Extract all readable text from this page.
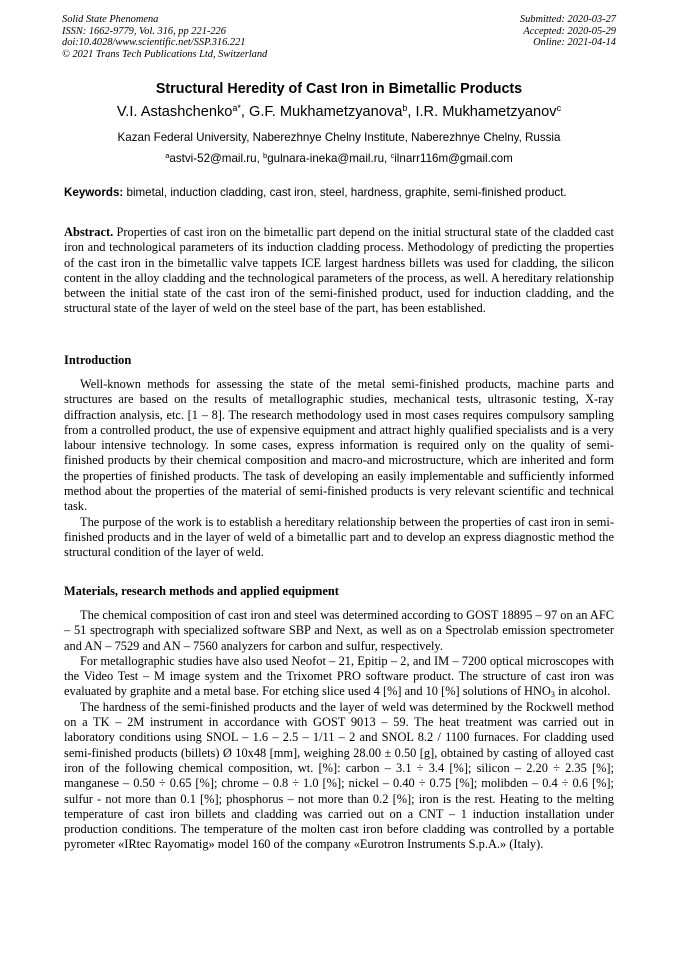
Solid State Phenomena
ISSN: 1662-9779, Vol. 316, pp 221-226
doi:10.4028/www.scientific.net/SSP.316.221
© 2021 Trans Tech Publications Ltd, Switzerland
Submitted: 2020-03-27
Accepted: 2020-05-29
Online: 2021-04-14
Structural Heredity of Cast Iron in Bimetallic Products
V.I. Astashchenko$^{a*}$, G.F. Mukhametzyanova$^b$, I.R. Mukhametzyanov$^c$
Kazan Federal University, Naberezhnye Chelny Institute, Naberezhnye Chelny, Russia
$^a$astvi-52@mail.ru, $^b$gulnara-ineka@mail.ru, $^c$ilnarr116m@gmail.com
Keywords: bimetal, induction cladding, cast iron, steel, hardness, graphite, semi-finished product.

Abstract. Properties of cast iron on the bimetallic part depend on the initial structural state of the cladded cast iron and technological parameters of its induction cladding process. Methodology of predicting the properties of the cast iron in the bimetallic valve tappets ICE largest hardness billets was used for cladding, the silicon content in the alloy cladding and the technological parameters of the process, as well. A hereditary relationship between the initial state of the cast iron of the semi-finished product, used for induction cladding, and the structural state of the layer of weld on the steel base of the part, has been established.

Introduction

Well-known methods for assessing the state of the metal semi-finished products, machine parts and structures are based on the results of metallographic studies, mechanical tests, ultrasonic testing, X-ray diffraction analysis, etc. [1 – 8]. The research methodology used in most cases requires compulsory sampling from a controlled product, the use of expensive equipment and attract highly qualified specialists and is a very labour intensive technology. In some cases, express information is required only on the quality of semi-finished products by their chemical composition and macro-and microstructure, which are inherited and form the properties of finished products. The task of developing an easily implementable and sufficiently informed method about the properties of the material of semi-finished products is very relevant scientific and technical task.

The purpose of the work is to establish a hereditary relationship between the properties of cast iron in semi-finished products and in the layer of weld of a bimetallic part and to develop an express diagnostic method the structural condition of the layer of weld.

Materials, research methods and applied equipment

The chemical composition of cast iron and steel was determined according to GOST 18895 – 97 on an AFC – 51 spectrograph with specialized software SBP and Next, as well as on a Spectrolab emission spectrometer and AN – 7529 and AN – 7560 analyzers for carbon and sulfur, respectively.

For metallographic studies have also used Neofot – 21, Epitip – 2, and IM – 7200 optical microscopes with the Video Test – M image system and the Trixomet PRO software product. The structure of cast iron was evaluated by graphite and a metal base. For etching slice used 4 [%] and 10 [%] solutions of $HNO_3$ in alcohol.

The hardness of the semi-finished products and the layer of weld was determined by the Rockwell method on a TK – 2M instrument in accordance with GOST 9013 – 59. The heat treatment was carried out in laboratory conditions using SNOL – 1.6 – 2.5 – 1/11 – 2 and SNOL 8.2 / 1100 furnaces. For cladding used semi-finished products (billets) Ø 10x48 [mm], weighing 28.00 ± 0.50 [g], obtained by casting of alloyed cast iron of the following chemical composition, wt. [%]: carbon – 3.1 ÷ 3.4 [%]; silicon – 2.20 ÷ 2.35 [%]; manganese – 0.50 ÷ 0.65 [%]; chrome – 0.8 ÷ 1.0 [%]; nickel – 0.40 ÷ 0.75 [%]; molibden – 0.4 ÷ 0.6 [%]; sulfur - not more than 0.1 [%]; phosphorus – not more than 0.2 [%]; iron is the rest. Heating to the melting temperature of cast iron billets and cladding was carried out on a CNT – 1 induction installation under production conditions. The temperature of the molten cast iron before cladding was controlled by a portable pyrometer «IRtec Rayomatig» model 160 of the company «Eurotron Instruments S.p.A.» (Italy).
